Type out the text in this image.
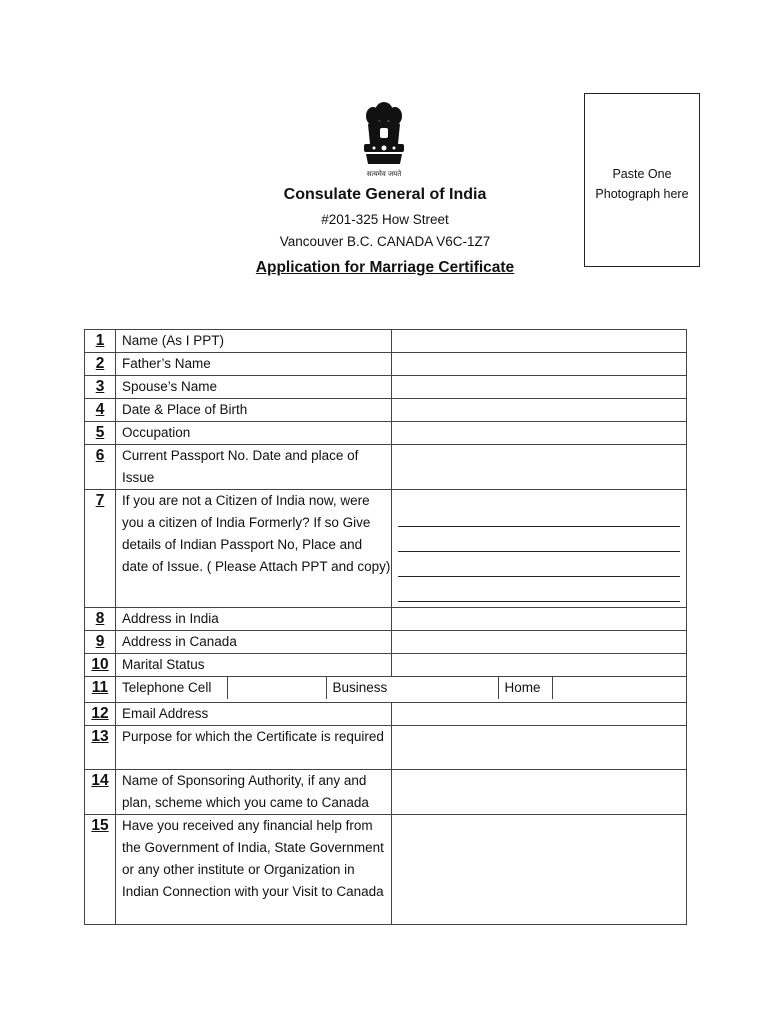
सत्यमेव जयते
Consulate General of India
#201-325 How Street
Vancouver B.C. CANADA V6C-1Z7
Application for Marriage Certificate
Paste One
Photograph here
1	Name (As I PPT)	
2	Father’s Name	
3	Spouse’s Name	
4	Date & Place of Birth	
5	Occupation	
6	Current Passport No. Date and place of Issue	
7	If you are not a Citizen of India now, were you a citizen of India Formerly? If so Give details of Indian Passport No, Place and date of Issue. ( Please Attach PPT and copy)	

8	Address in India	
9	Address in Canada	
10	Marital Status	
11	Telephone Cell		Business		Home	

12	Email Address	
13	Purpose for which the Certificate is required	
14	Name of Sponsoring Authority, if any and plan, scheme which you came to Canada	
15	Have you received any financial help from the Government of India, State Government or any other institute or Organization in Indian Connection with your Visit to Canada	
